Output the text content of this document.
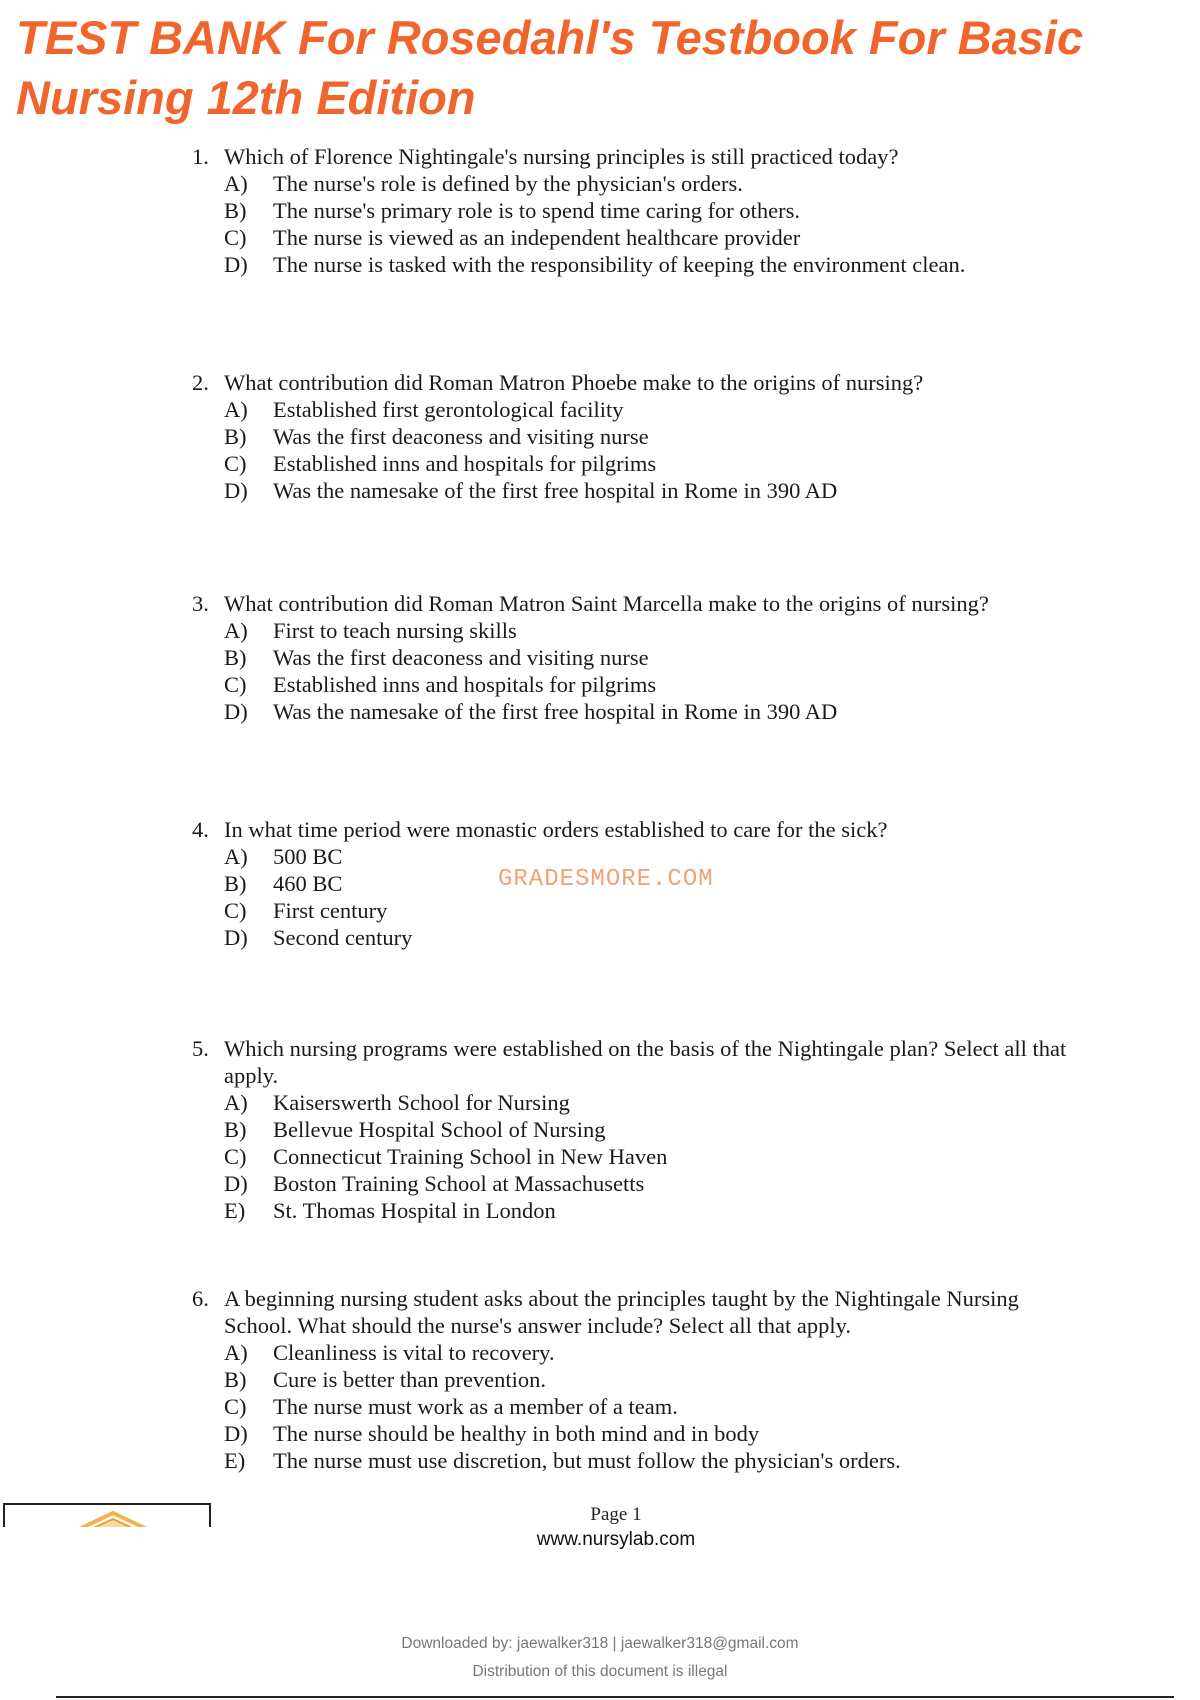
TEST BANK For Rosedahl's Testbook For Basic Nursing 12th Edition
1. Which of Florence Nightingale's nursing principles is still practiced today?
A)	The nurse's role is defined by the physician's orders.
B)	The nurse's primary role is to spend time caring for others.
C)	The nurse is viewed as an independent healthcare provider
D)	The nurse is tasked with the responsibility of keeping the environment clean.
2. What contribution did Roman Matron Phoebe make to the origins of nursing?
A)	Established first gerontological facility
B)	Was the first deaconess and visiting nurse
C)	Established inns and hospitals for pilgrims
D)	Was the namesake of the first free hospital in Rome in 390 AD
3. What contribution did Roman Matron Saint Marcella make to the origins of nursing?
A)	First to teach nursing skills
B)	Was the first deaconess and visiting nurse
C)	Established inns and hospitals for pilgrims
D)	Was the namesake of the first free hospital in Rome in 390 AD
4. In what time period were monastic orders established to care for the sick?
A)	500 BC
B)	460 BC
C)	First century
D)	Second century
5. Which nursing programs were established on the basis of the Nightingale plan? Select all that apply.
A)	Kaiserswerth School for Nursing
B)	Bellevue Hospital School of Nursing
C)	Connecticut Training School in New Haven
D)	Boston Training School at Massachusetts
E)	St. Thomas Hospital in London
6. A beginning nursing student asks about the principles taught by the Nightingale Nursing School. What should the nurse's answer include? Select all that apply.
A)	Cleanliness is vital to recovery.
B)	Cure is better than prevention.
C)	The nurse must work as a member of a team.
D)	The nurse should be healthy in both mind and in body
E)	The nurse must use discretion, but must follow the physician's orders.
GRADESMORE.COM
Page 1
www.nursylab.com
Downloaded by: jaewalker318 | jaewalker318@gmail.com
Distribution of this document is illegal
